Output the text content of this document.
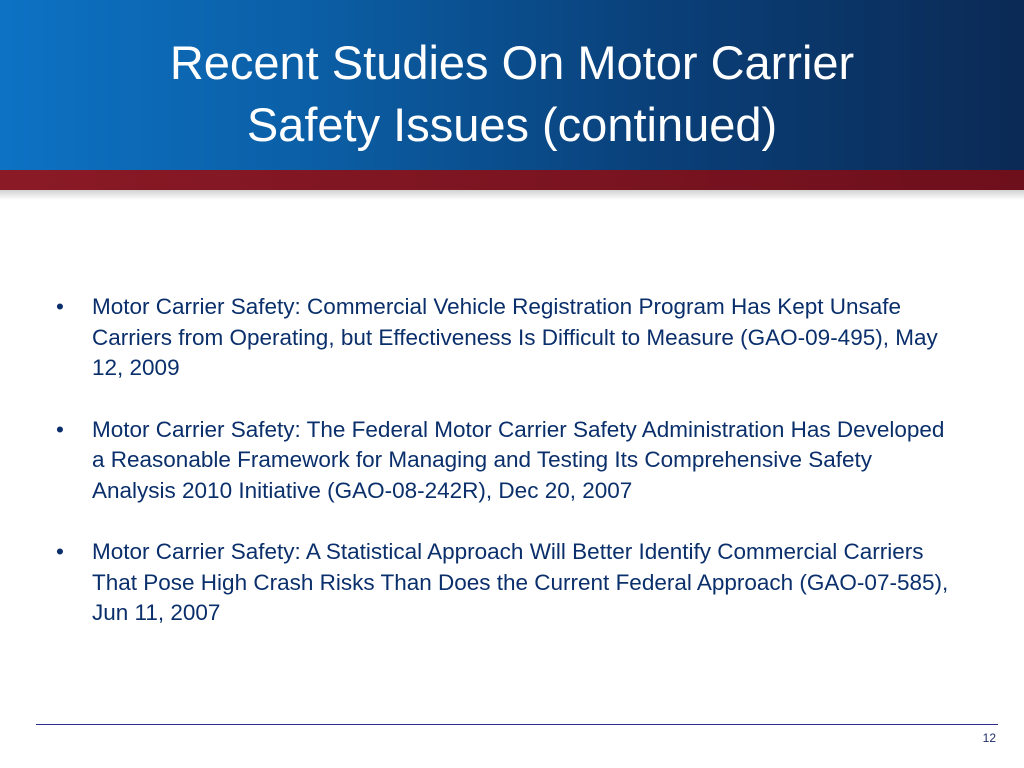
Recent Studies On Motor Carrier
Safety Issues (continued)
• Motor Carrier Safety: Commercial Vehicle Registration Program Has Kept Unsafe Carriers from Operating, but Effectiveness Is Difficult to Measure (GAO-09-495), May 12, 2009
• Motor Carrier Safety: The Federal Motor Carrier Safety Administration Has Developed a Reasonable Framework for Managing and Testing Its Comprehensive Safety Analysis 2010 Initiative (GAO-08-242R), Dec 20, 2007
• Motor Carrier Safety: A Statistical Approach Will Better Identify Commercial Carriers That Pose High Crash Risks Than Does the Current Federal Approach (GAO-07-585), Jun 11, 2007
12
